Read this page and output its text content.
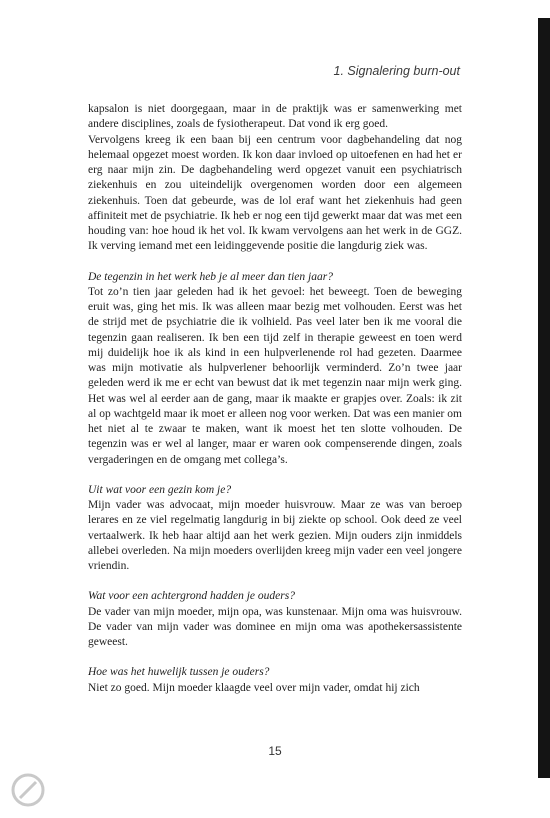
1. Signalering burn-out

kapsalon is niet doorgegaan, maar in de praktijk was er samenwerking met andere disciplines, zoals de fysiotherapeut. Dat vond ik erg goed.

Vervolgens kreeg ik een baan bij een centrum voor dagbehandeling dat nog helemaal opgezet moest worden. Ik kon daar invloed op uitoefenen en had het er erg naar mijn zin. De dagbehandeling werd opgezet vanuit een psychiatrisch ziekenhuis en zou uiteindelijk overgenomen worden door een algemeen ziekenhuis. Toen dat gebeurde, was de lol eraf want het ziekenhuis had geen affiniteit met de psychiatrie. Ik heb er nog een tijd gewerkt maar dat was met een houding van: hoe houd ik het vol. Ik kwam vervolgens aan het werk in de GGZ. Ik verving iemand met een leidinggevende positie die langdurig ziek was.

De tegenzin in het werk heb je al meer dan tien jaar?

Tot zo’n tien jaar geleden had ik het gevoel: het beweegt. Toen de beweging eruit was, ging het mis. Ik was alleen maar bezig met volhouden. Eerst was het de strijd met de psychiatrie die ik volhield. Pas veel later ben ik me vooral die tegenzin gaan realiseren. Ik ben een tijd zelf in therapie geweest en toen werd mij duidelijk hoe ik als kind in een hulpverlenende rol had gezeten. Daarmee was mijn motivatie als hulpverlener behoorlijk verminderd. Zo’n twee jaar geleden werd ik me er echt van bewust dat ik met tegenzin naar mijn werk ging. Het was wel al eerder aan de gang, maar ik maakte er grapjes over. Zoals: ik zit al op wachtgeld maar ik moet er alleen nog voor werken. Dat was een manier om het niet al te zwaar te maken, want ik moest het ten slotte volhouden. De tegenzin was er wel al langer, maar er waren ook compenserende dingen, zoals vergaderingen en de omgang met collega’s.

Uit wat voor een gezin kom je?

Mijn vader was advocaat, mijn moeder huisvrouw. Maar ze was van beroep lerares en ze viel regelmatig langdurig in bij ziekte op school. Ook deed ze veel vertaalwerk. Ik heb haar altijd aan het werk gezien. Mijn ouders zijn inmiddels allebei overleden. Na mijn moeders overlijden kreeg mijn vader een veel jongere vriendin.

Wat voor een achtergrond hadden je ouders?

De vader van mijn moeder, mijn opa, was kunstenaar. Mijn oma was huisvrouw. De vader van mijn vader was dominee en mijn oma was apothekersassistente geweest.

Hoe was het huwelijk tussen je ouders?

Niet zo goed. Mijn moeder klaagde veel over mijn vader, omdat hij zich

15
